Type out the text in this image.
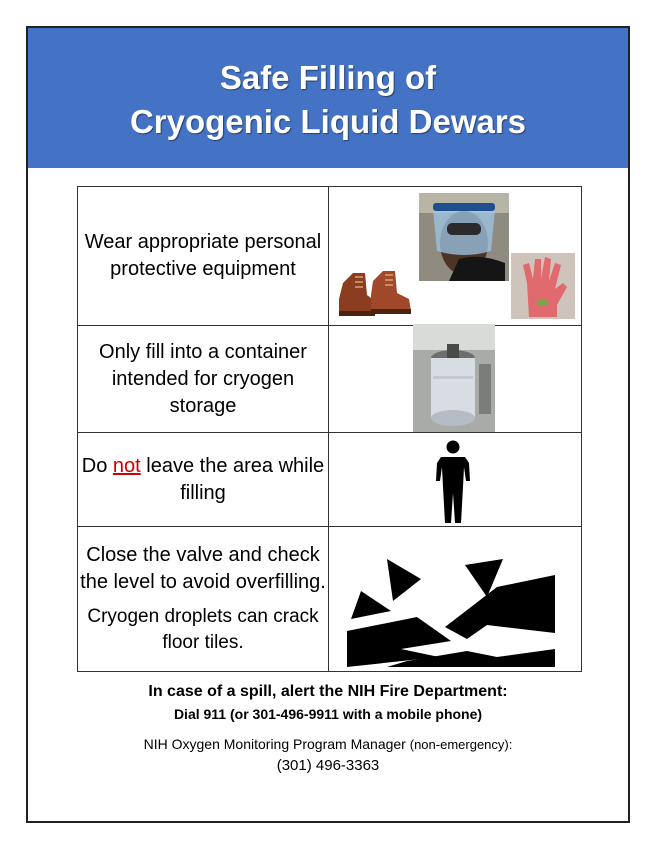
Safe Filling of
Cryogenic Liquid Dewars
Wear appropriate personal protective equipment	

Only fill into a container intended for cryogen storage	

Do not leave the area while filling	

Close the valve and check the level to avoid overfilling.
Cryogen droplets can crack floor tiles.

In case of a spill, alert the NIH Fire Department:
Dial 911 (or 301-496-9911 with a mobile phone)
NIH Oxygen Monitoring Program Manager (non-emergency):
(301) 496-3363
